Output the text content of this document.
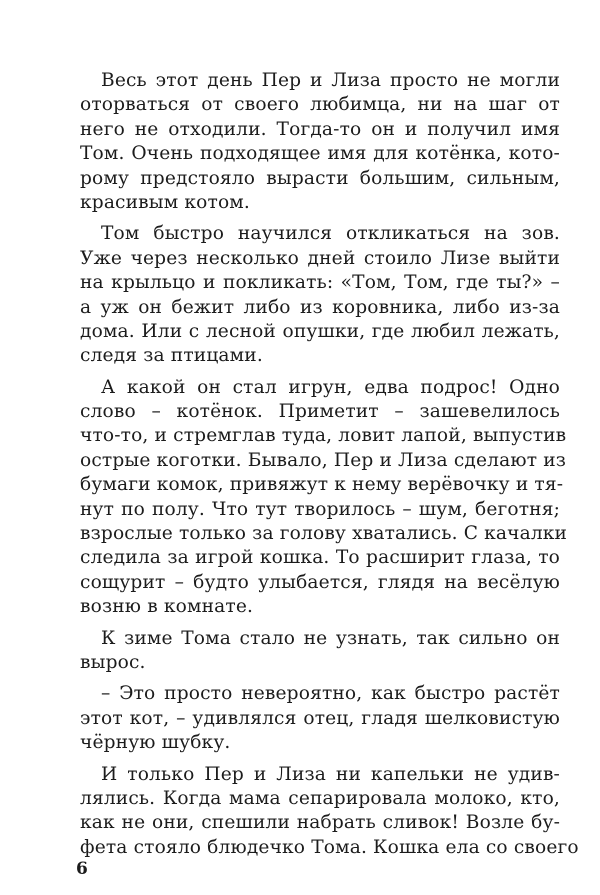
Весь этот день Пер и Лиза просто не могли
оторваться от своего любимца, ни на шаг от
него не отходили. Тогда-то он и получил имя
Том. Очень подходящее имя для котёнка, кото-
рому предстояло вырасти большим, сильным,
красивым котом.
Том быстро научился откликаться на зов.
Уже через несколько дней стоило Лизе выйти
на крыльцо и покликать: «Том, Том, где ты?» –
а уж он бежит либо из коровника, либо из-за
дома. Или с лесной опушки, где любил лежать,
следя за птицами.
А какой он стал игрун, едва подрос! Одно
слово – котёнок. Приметит – зашевелилось
что-то, и стремглав туда, ловит лапой, выпустив
острые коготки. Бывало, Пер и Лиза сделают из
бумаги комок, привяжут к нему верёвочку и тя-
нут по полу. Что тут творилось – шум, беготня;
взрослые только за голову хватались. С качалки
следила за игрой кошка. То расширит глаза, то
сощурит – будто улыбается, глядя на весёлую
возню в комнате.
К зиме Тома стало не узнать, так сильно он
вырос.
– Это просто невероятно, как быстро растёт
этот кот, – удивлялся отец, гладя шелковистую
чёрную шубку.
И только Пер и Лиза ни капельки не удив-
лялись. Когда мама сепарировала молоко, кто,
как не они, спешили набрать сливок! Возле бу-
фета стояло блюдечко Тома. Кошка ела со своего
6
